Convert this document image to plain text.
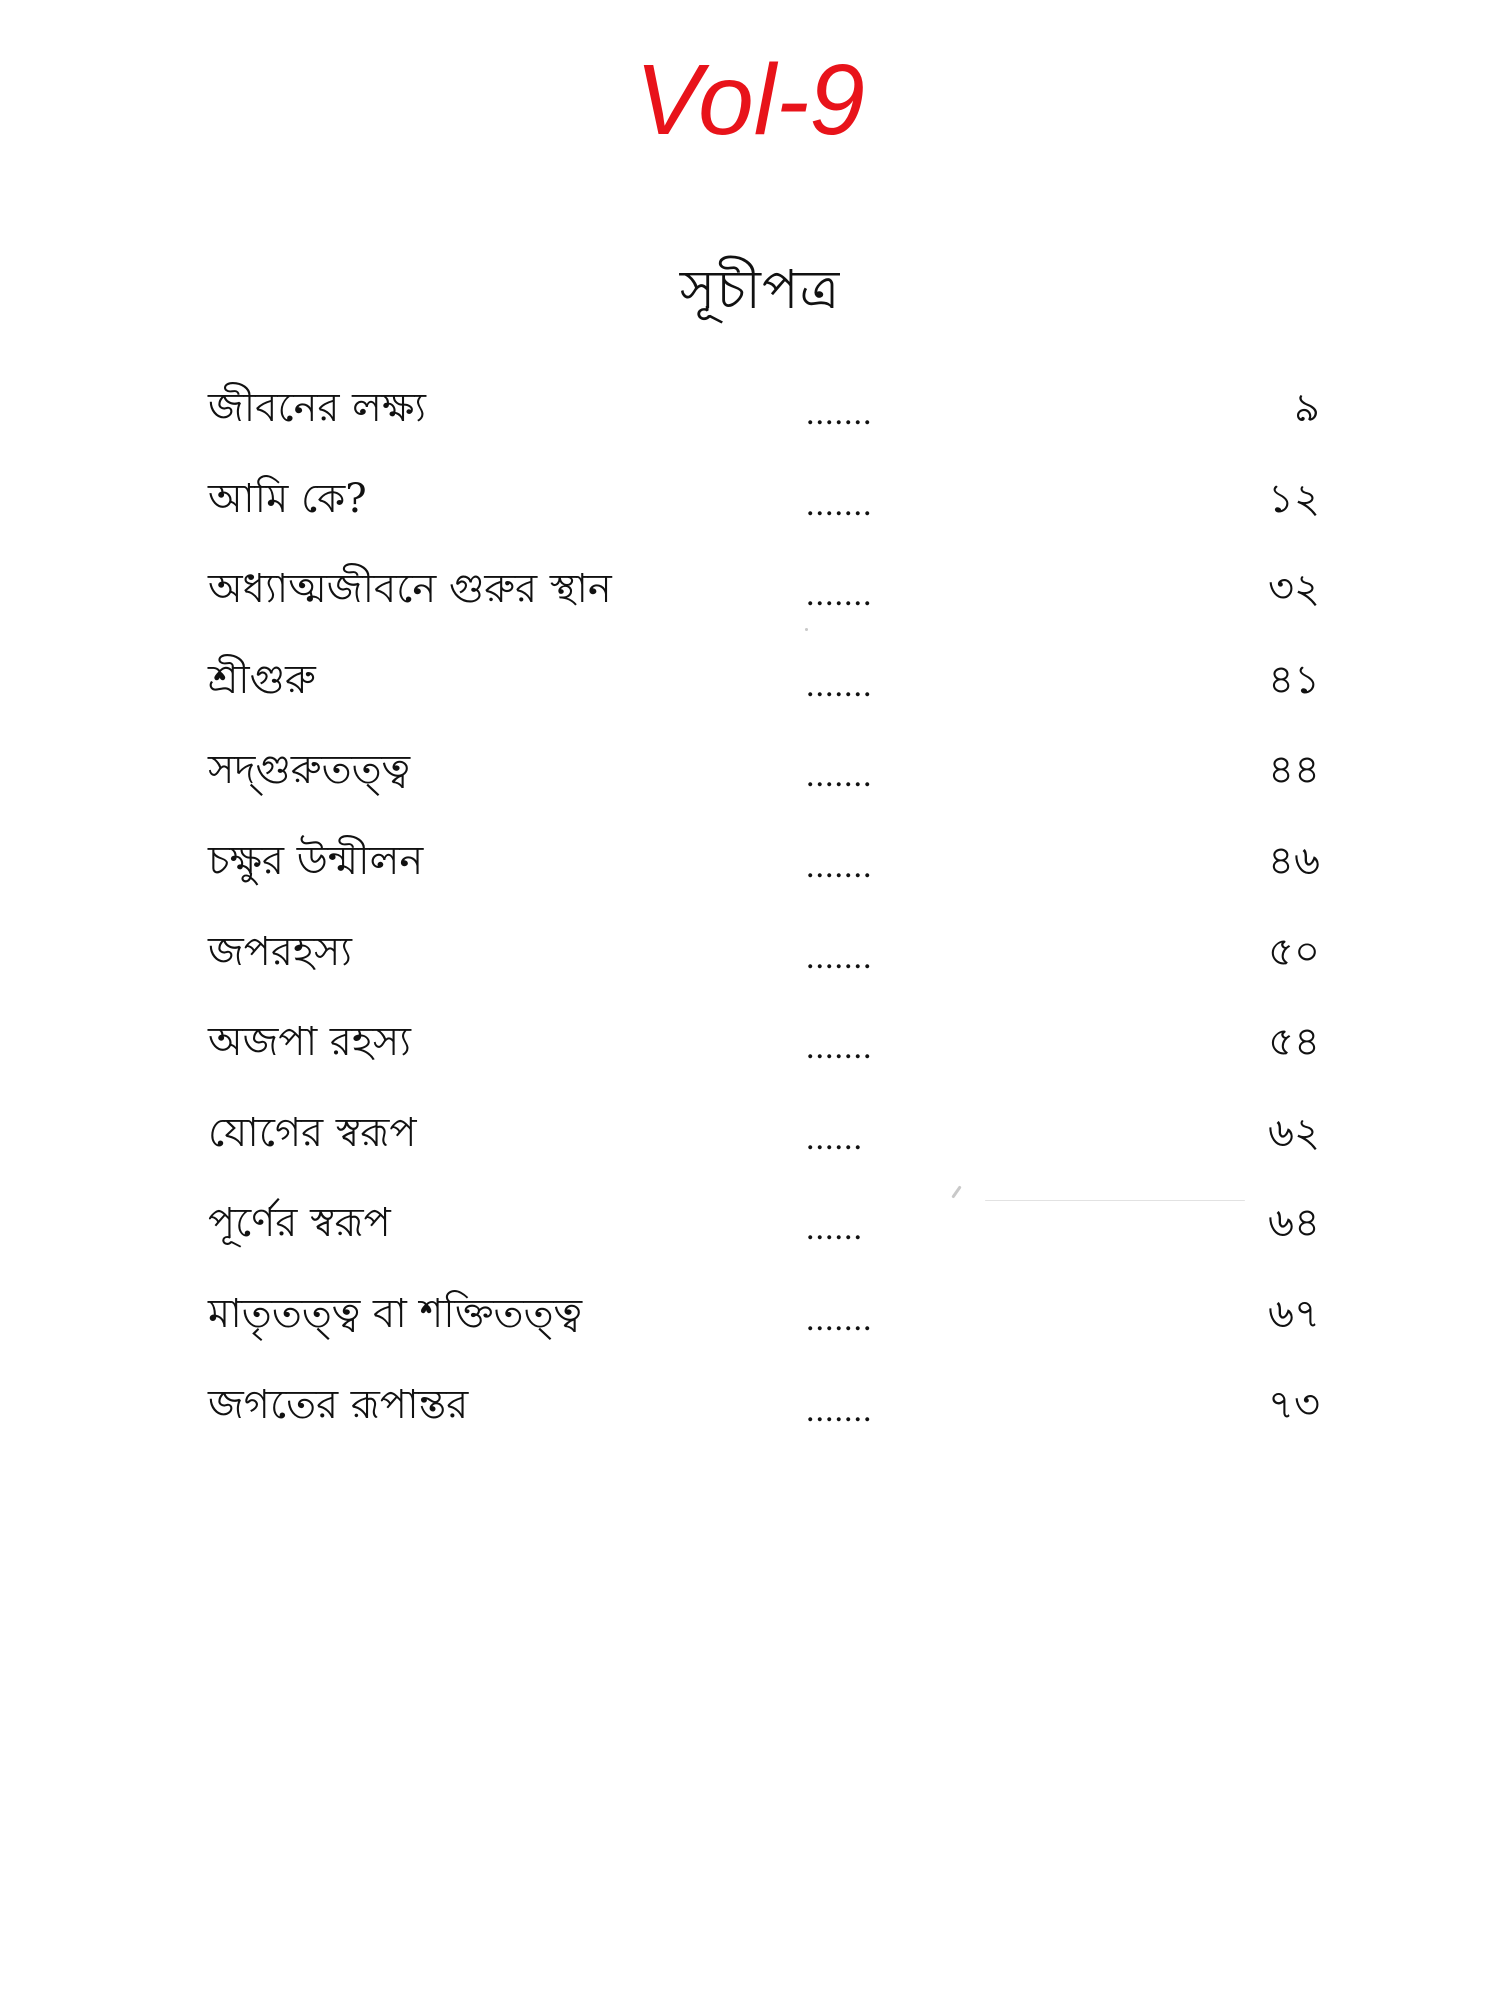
Vol-9
সূচীপত্র
জীবনের লক্ষ্য	.......	৯
আমি কে?	.......	১২
অধ্যাত্মজীবনে গুরুর স্থান	.......	৩২
শ্রীগুরু	.......	৪১
সদ্‌গুরুতত্ত্ব	.......	৪৪
চক্ষুর উন্মীলন	.......	৪৬
জপরহস্য	.......	৫০
অজপা রহস্য	.......	৫৪
যোগের স্বরূপ	......	৬২
পূর্ণের স্বরূপ	......	৬৪
মাতৃতত্ত্ব বা শক্তিতত্ত্ব	.......	৬৭
জগতের রূপান্তর	.......	৭৩
